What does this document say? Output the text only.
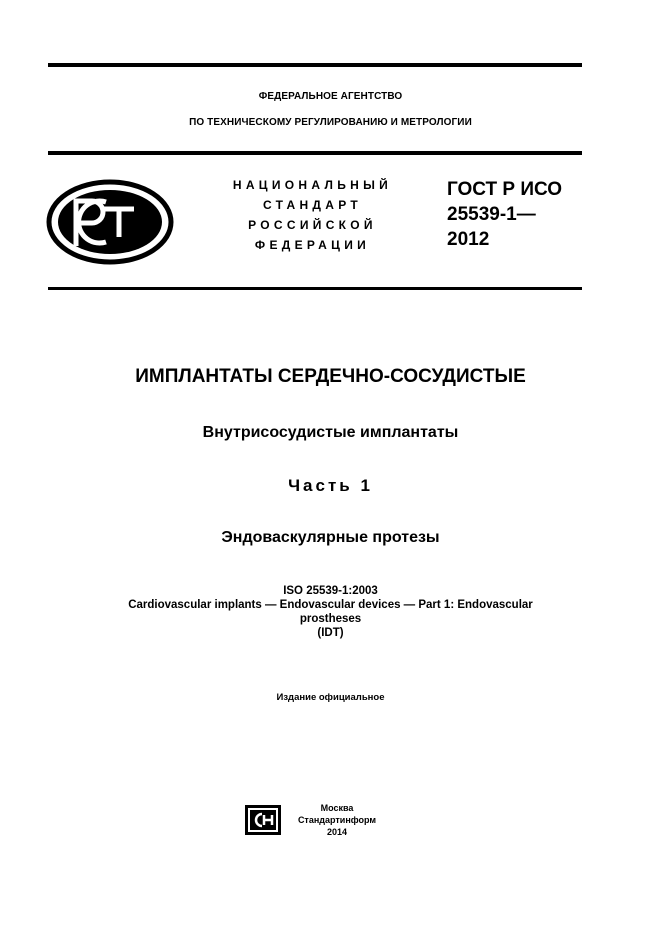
ФЕДЕРАЛЬНОЕ АГЕНТСТВО
ПО ТЕХНИЧЕСКОМУ РЕГУЛИРОВАНИЮ И МЕТРОЛОГИИ
НАЦИОНАЛЬНЫЙ
СТАНДАРТ
РОССИЙСКОЙ
ФЕДЕРАЦИИ
ГОСТ Р ИСО
25539-1—
2012
ИМПЛАНТАТЫ СЕРДЕЧНО-СОСУДИСТЫЕ
Внутрисосудистые имплантаты
Часть 1
Эндоваскулярные протезы
ISO 25539-1:2003
Cardiovascular implants — Endovascular devices — Part 1: Endovascular
prostheses
(IDT)
Издание официальное
Москва
Стандартинформ
2014
